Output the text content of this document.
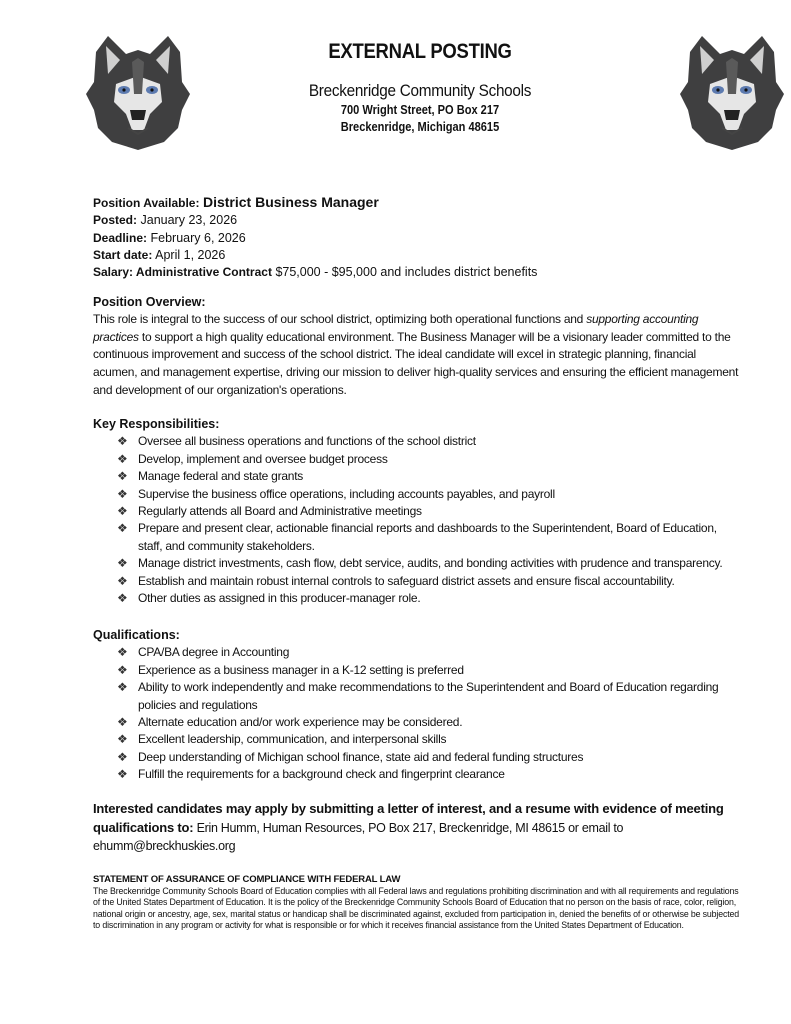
EXTERNAL POSTING
Breckenridge Community Schools
700 Wright Street, PO Box 217
Breckenridge, Michigan 48615
Position Available: District Business Manager
Posted: January 23, 2026
Deadline: February 6, 2026
Start date: April 1, 2026
Salary: Administrative Contract $75,000 - $95,000 and includes district benefits
Position Overview:

This role is integral to the success of our school district, optimizing both operational functions and supporting accounting practices to support a high quality educational environment. The Business Manager will be a visionary leader committed to the continuous improvement and success of the school district. The ideal candidate will excel in strategic planning, financial acumen, and management expertise, driving our mission to deliver high-quality services and ensuring the efficient management and development of our organization's operations.

Key Responsibilities:
❖ Oversee all business operations and functions of the school district
❖ Develop, implement and oversee budget process
❖ Manage federal and state grants
❖ Supervise the business office operations, including accounts payables, and payroll
❖ Regularly attends all Board and Administrative meetings
❖ Prepare and present clear, actionable financial reports and dashboards to the Superintendent, Board of Education, staff, and community stakeholders.
❖ Manage district investments, cash flow, debt service, audits, and bonding activities with prudence and transparency.
❖ Establish and maintain robust internal controls to safeguard district assets and ensure fiscal accountability.
❖ Other duties as assigned in this producer-manager role.
Qualifications:
❖ CPA/BA degree in Accounting
❖ Experience as a business manager in a K-12 setting is preferred
❖ Ability to work independently and make recommendations to the Superintendent and Board of Education regarding policies and regulations
❖ Alternate education and/or work experience may be considered.
❖ Excellent leadership, communication, and interpersonal skills
❖ Deep understanding of Michigan school finance, state aid and federal funding structures
❖ Fulfill the requirements for a background check and fingerprint clearance
Interested candidates may apply by submitting a letter of interest, and a resume with evidence of meeting qualifications to: Erin Humm, Human Resources, PO Box 217, Breckenridge, MI 48615 or email to ehumm@breckhuskies.org
STATEMENT OF ASSURANCE OF COMPLIANCE WITH FEDERAL LAW

The Breckenridge Community Schools Board of Education complies with all Federal laws and regulations prohibiting discrimination and with all requirements and regulations of the United States Department of Education. It is the policy of the Breckenridge Community Schools Board of Education that no person on the basis of race, color, religion, national origin or ancestry, age, sex, marital status or handicap shall be discriminated against, excluded from participation in, denied the benefits of or otherwise be subjected to discrimination in any program or activity for what is responsible or for which it receives financial assistance from the United States Department of Education.
